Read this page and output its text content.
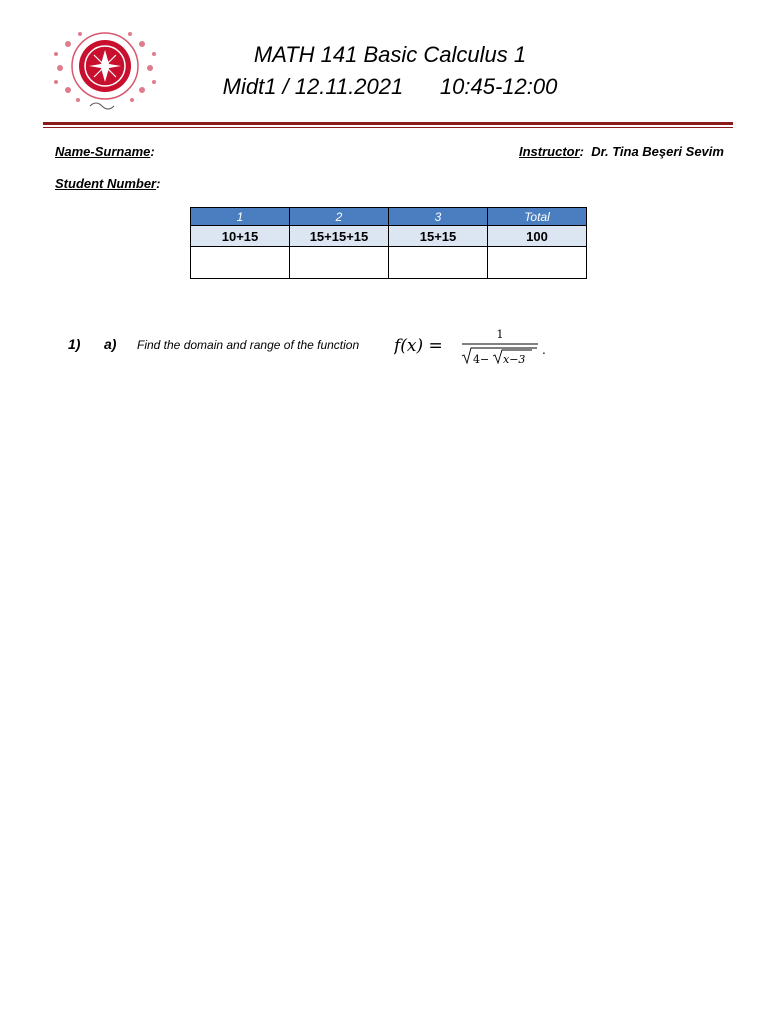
MATH 141 Basic Calculus 1
Midt1 / 12.11.2021      10:45-12:00
Name-Surname:	Instructor:  Dr. Tina Beşeri Sevim
Student Number:
1	2	3	Total
10+15	15+15+15	15+15	100

1) a) Find the domain and range of the function f(x) =
1
4− x−3
.
